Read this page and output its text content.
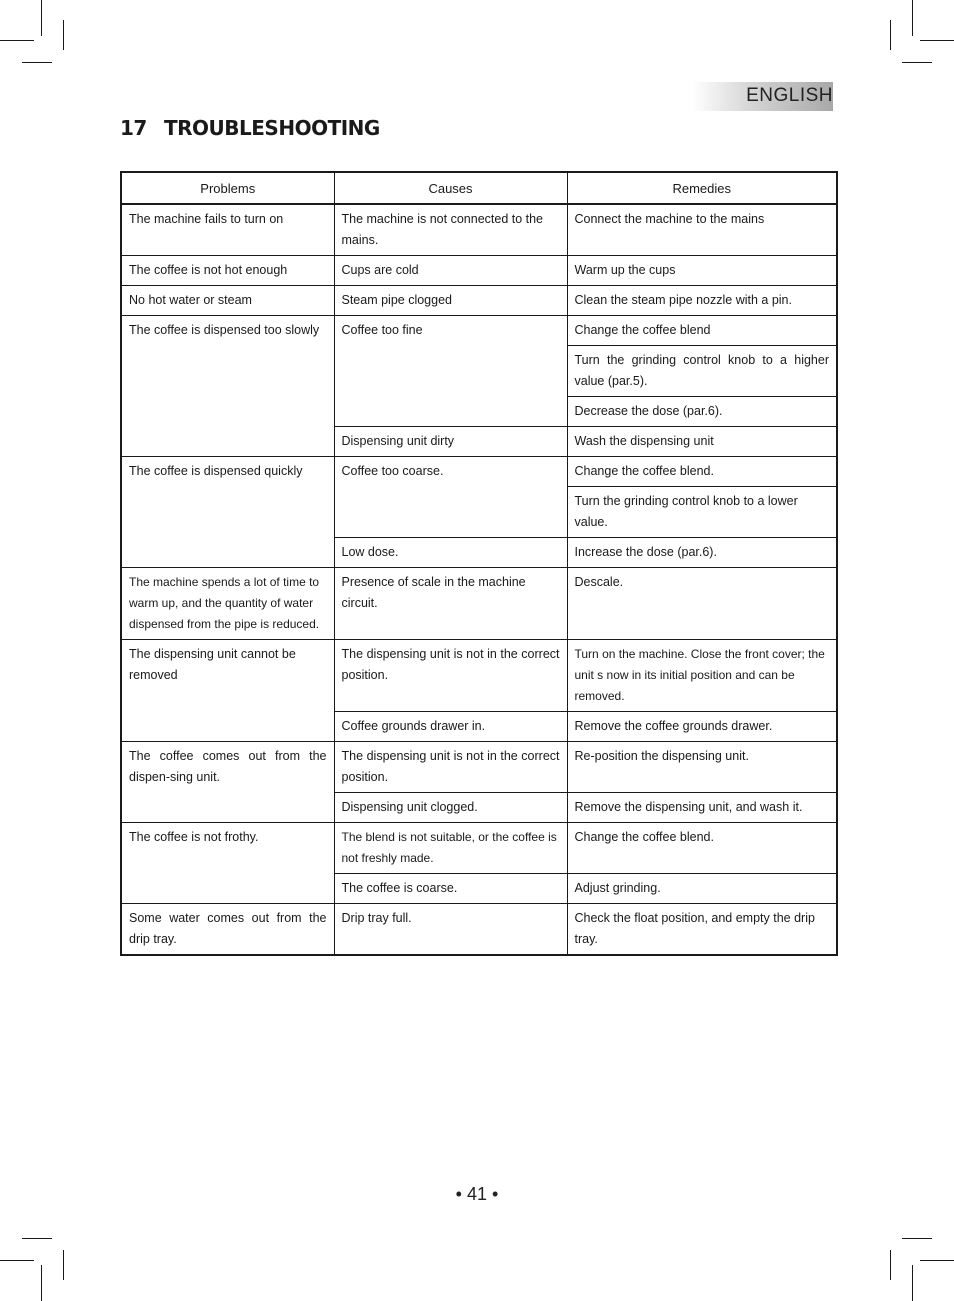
ENGLISH
17 TROUBLESHOOTING
Problems	Causes	Remedies
The machine fails to turn on	The machine is not connected to the mains.	Connect the machine to the mains
The coffee is not hot enough	Cups are cold	Warm up the cups
No hot water or steam	Steam pipe clogged	Clean the steam pipe nozzle with a pin.
The coffee is dispensed too slowly	Coffee too fine	Change the coffee blend
		Turn the grinding control knob to a higher value (par.5).
		Decrease the dose (par.6).
	Dispensing unit dirty	Wash the dispensing unit
The coffee is dispensed quickly	Coffee too coarse.	Change the coffee blend.
		Turn the grinding control knob to a lower value.
	Low dose.	Increase the dose (par.6).
The machine spends a lot of time to warm up, and the quantity of water dispensed from the pipe is reduced.	Presence of scale in the machine circuit.	Descale.
The dispensing unit cannot be removed	The dispensing unit is not in the correct position.	Turn on the machine. Close the front cover; the unit s now in its initial position and can be removed.
	Coffee grounds drawer in.	Remove the coffee grounds drawer.
The coffee comes out from the dispen-sing unit.	The dispensing unit is not in the correct position.	Re-position the dispensing unit.
	Dispensing unit clogged.	Remove the dispensing unit, and wash it.
The coffee is not frothy.	The blend is not suitable, or the coffee is not freshly made.	Change the coffee blend.
	The coffee is coarse.	Adjust grinding.
Some water comes out from the drip tray.	Drip tray full.	Check the float position, and empty the drip tray.
• 41 •
